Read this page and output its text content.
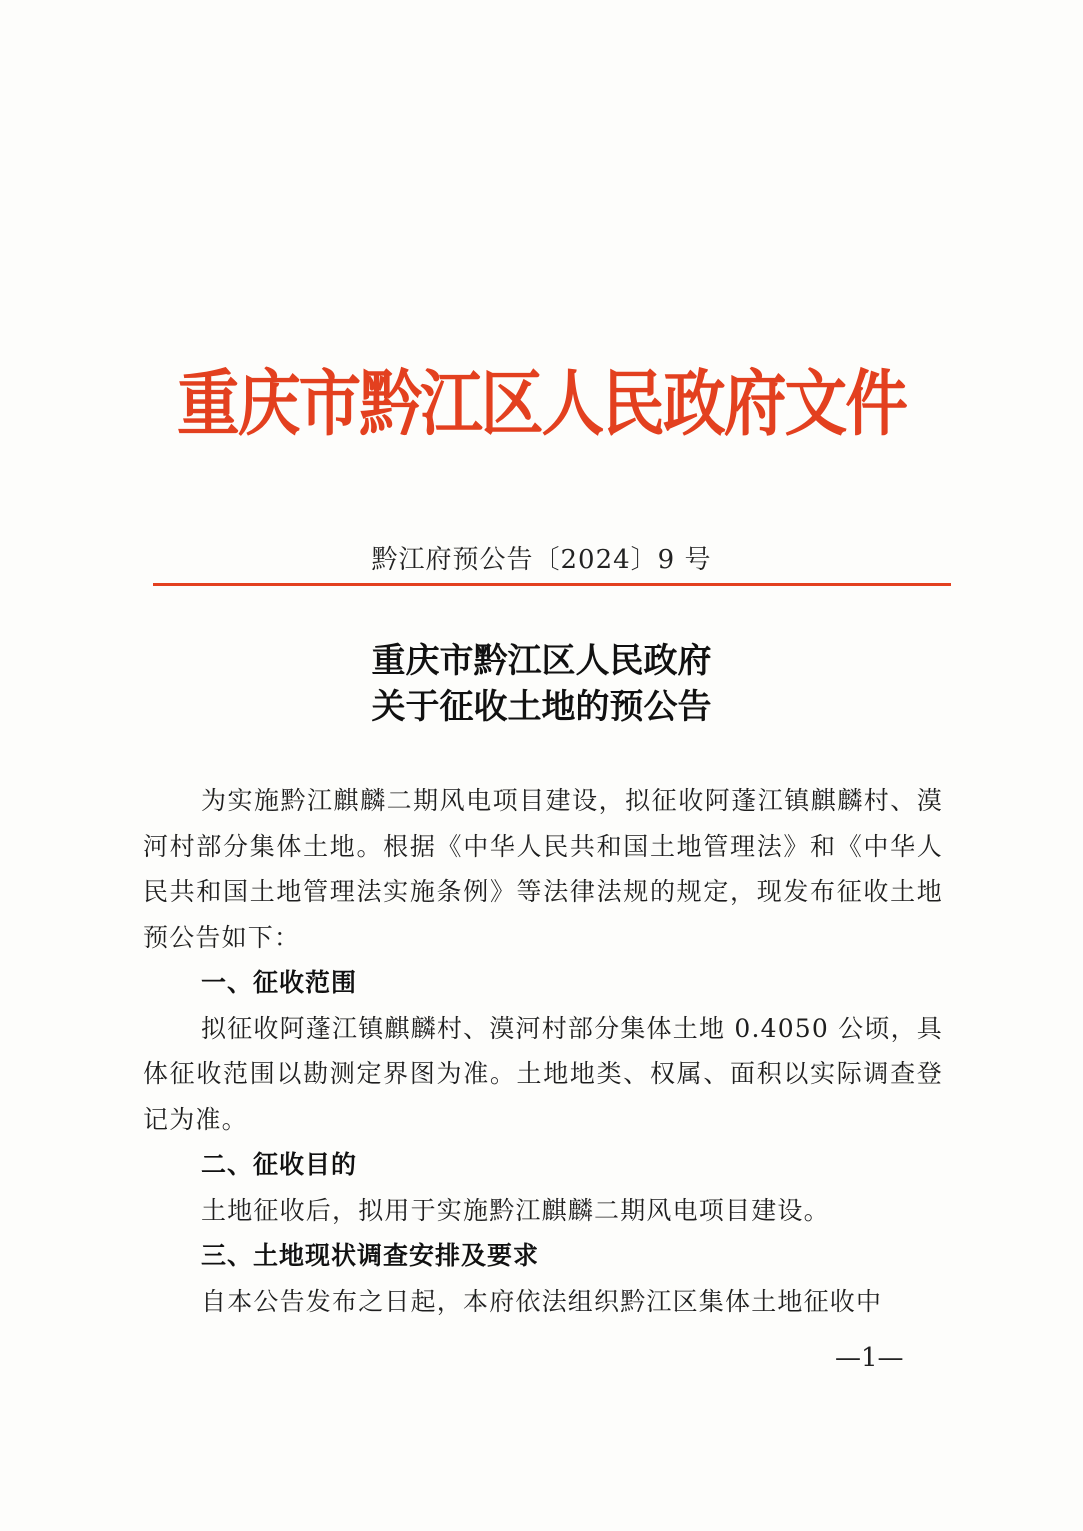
重庆市黔江区人民政府文件
黔江府预公告〔2024〕9 号
重庆市黔江区人民政府
关于征收土地的预公告

为实施黔江麒麟二期风电项目建设，拟征收阿蓬江镇麒麟村、漠河村部分集体土地。根据《中华人民共和国土地管理法》和《中华人民共和国土地管理法实施条例》等法律法规的规定，现发布征收土地预公告如下：

一、征收范围

拟征收阿蓬江镇麒麟村、漠河村部分集体土地 0.4050 公顷，具体征收范围以勘测定界图为准。土地地类、权属、面积以实际调查登记为准。

二、征收目的

土地征收后，拟用于实施黔江麒麟二期风电项目建设。

三、土地现状调查安排及要求

自本公告发布之日起，本府依法组织黔江区集体土地征收中

—1—
